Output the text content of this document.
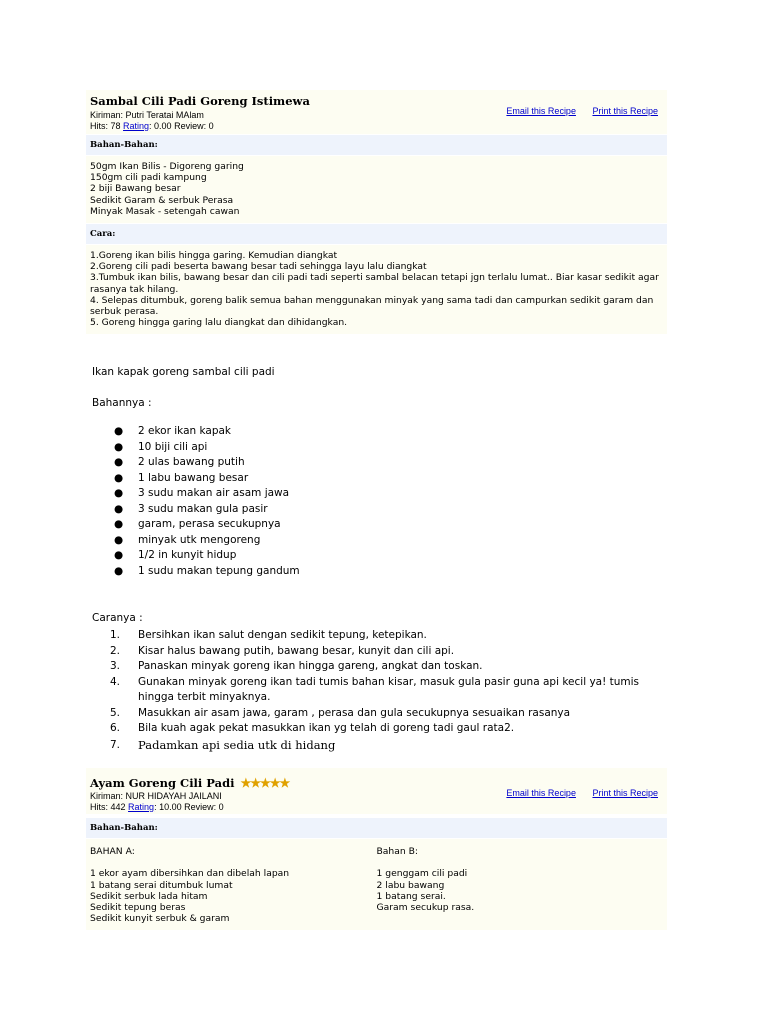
Sambal Cili Padi Goreng Istimewa
Kiriman: Putri Teratai MAlam
Hits: 78 Rating: 0.00 Review: 0
Email this Recipe Print this Recipe
Bahan-Bahan:

50gm Ikan Bilis - Digoreng garing

150gm cili padi kampung

2 biji Bawang besar

Sedikit Garam & serbuk Perasa

Minyak Masak - setengah cawan

Cara:

1.Goreng ikan bilis hingga garing. Kemudian diangkat

2.Goreng cili padi beserta bawang besar tadi sehingga layu lalu diangkat

3.Tumbuk ikan bilis, bawang besar dan cili padi tadi seperti sambal belacan tetapi jgn terlalu lumat.. Biar kasar sedikit agar rasanya tak hilang.

4. Selepas ditumbuk, goreng balik semua bahan menggunakan minyak yang sama tadi dan campurkan sedikit garam dan serbuk perasa.

5. Goreng hingga garing lalu diangkat dan dihidangkan.

Ikan kapak goreng sambal cili padi
Bahannya :
● 2 ekor ikan kapak
● 10 biji cili api
● 2 ulas bawang putih
● 1 labu bawang besar
● 3 sudu makan air asam jawa
● 3 sudu makan gula pasir
● garam, perasa secukupnya
● minyak utk mengoreng
● 1/2 in kunyit hidup
● 1 sudu makan tepung gandum
Caranya :
1. Bersihkan ikan salut dengan sedikit tepung, ketepikan.
2. Kisar halus bawang putih, bawang besar, kunyit dan cili api.
3. Panaskan minyak goreng ikan hingga gareng, angkat dan toskan.
4. Gunakan minyak goreng ikan tadi tumis bahan kisar, masuk gula pasir guna api kecil ya! tumis hingga terbit minyaknya.
5. Masukkan air asam jawa, garam , perasa dan gula secukupnya sesuaikan rasanya
6. Bila kuah agak pekat masukkan ikan yg telah di goreng tadi gaul rata2.
7. Padamkan api sedia utk di hidang
Ayam Goreng Cili Padi ★★★★★
Kiriman: NUR HIDAYAH JAILANI
Hits: 442 Rating: 10.00 Review: 0
Email this Recipe Print this Recipe
Bahan-Bahan:

BAHAN A:

1 ekor ayam dibersihkan dan dibelah lapan

1 batang serai ditumbuk lumat

Sedikit serbuk lada hitam

Sedikit tepung beras

Sedikit kunyit serbuk & garam

Bahan B:

1 genggam cili padi

2 labu bawang

1 batang serai.

Garam secukup rasa.
